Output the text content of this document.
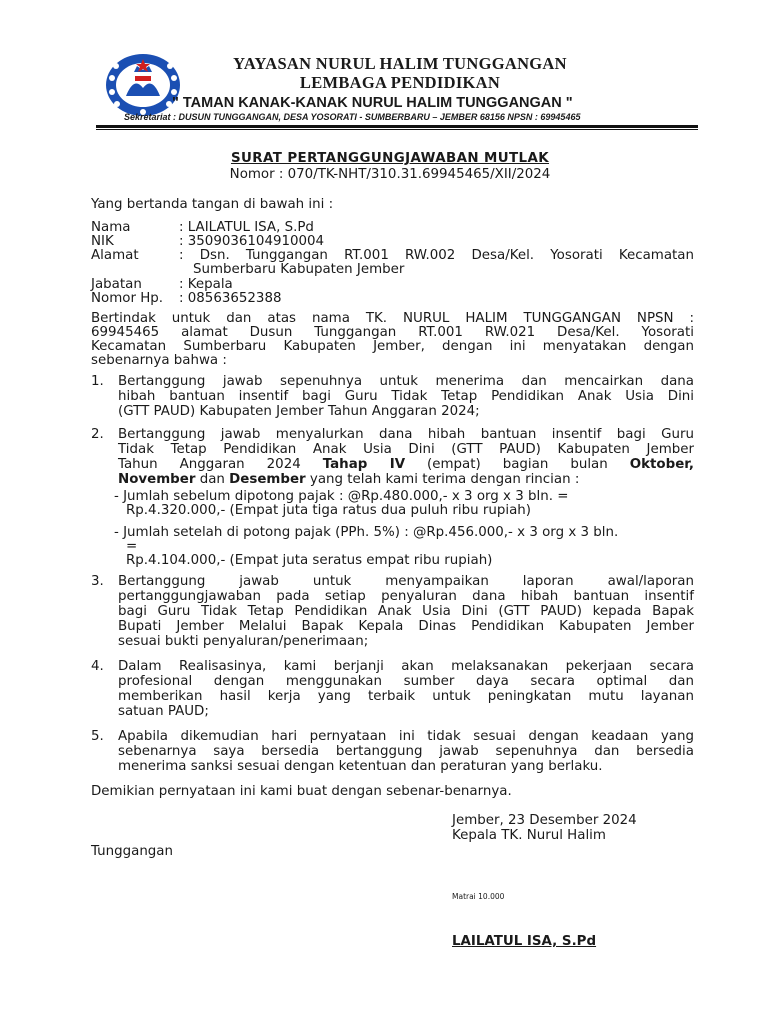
YAYASAN NURUL HALIM TUNGGANGAN
LEMBAGA PENDIDIKAN
" TAMAN KANAK-KANAK NURUL HALIM TUNGGANGAN "
Sekretariat : DUSUN TUNGGANGAN, DESA YOSORATI - SUMBERBARU – JEMBER 68156 NPSN : 69945465
SURAT PERTANGGUNGJAWABAN MUTLAK
Nomor : 070/TK-NHT/310.31.69945465/XII/2024
Yang bertanda tangan di bawah ini :
Nama	: LAILATUL ISA, S.Pd
NIK	: 3509036104910004
Alamat	: Dsn. Tunggangan RT.001 RW.002 Desa/Kel. Yosorati Kecamatan
Sumberbaru Kabupaten Jember
Jabatan	: Kepala
Nomor Hp. : 08563652388
Bertindak untuk dan atas nama TK. NURUL HALIM TUNGGANGAN NPSN :
69945465 alamat Dusun Tunggangan RT.001 RW.021 Desa/Kel. Yosorati
Kecamatan Sumberbaru Kabupaten Jember, dengan ini menyatakan dengan
sebenarnya bahwa :
1. Bertanggung jawab sepenuhnya untuk menerima dan mencairkan dana
hibah bantuan insentif bagi Guru Tidak Tetap Pendidikan Anak Usia Dini
(GTT PAUD) Kabupaten Jember Tahun Anggaran 2024;
2. Bertanggung jawab menyalurkan dana hibah bantuan insentif bagi Guru
Tidak Tetap Pendidikan Anak Usia Dini (GTT PAUD) Kabupaten Jember
Tahun Anggaran 2024 Tahap IV (empat) bagian bulan Oktober,
November dan Desember yang telah kami terima dengan rincian :
- Jumlah sebelum dipotong pajak : @Rp.480.000,- x 3 org x 3 bln. =
Rp.4.320.000,- (Empat juta tiga ratus dua puluh ribu rupiah)
- Jumlah setelah di potong pajak (PPh. 5%) : @Rp.456.000,- x 3 org x 3 bln.
=
Rp.4.104.000,- (Empat juta seratus empat ribu rupiah)
3. Bertanggung jawab untuk menyampaikan laporan awal/laporan
pertanggungjawaban pada setiap penyaluran dana hibah bantuan insentif
bagi Guru Tidak Tetap Pendidikan Anak Usia Dini (GTT PAUD) kepada Bapak
Bupati Jember Melalui Bapak Kepala Dinas Pendidikan Kabupaten Jember
sesuai bukti penyaluran/penerimaan;
4. Dalam Realisasinya, kami berjanji akan melaksanakan pekerjaan secara
profesional dengan menggunakan sumber daya secara optimal dan
memberikan hasil kerja yang terbaik untuk peningkatan mutu layanan
satuan PAUD;
5. Apabila dikemudian hari pernyataan ini tidak sesuai dengan keadaan yang
sebenarnya saya bersedia bertanggung jawab sepenuhnya dan bersedia
menerima sanksi sesuai dengan ketentuan dan peraturan yang berlaku.
Demikian pernyataan ini kami buat dengan sebenar-benarnya.
Jember, 23 Desember 2024
Kepala TK. Nurul Halim
Tunggangan
Matrai 10.000
LAILATUL ISA, S.Pd
